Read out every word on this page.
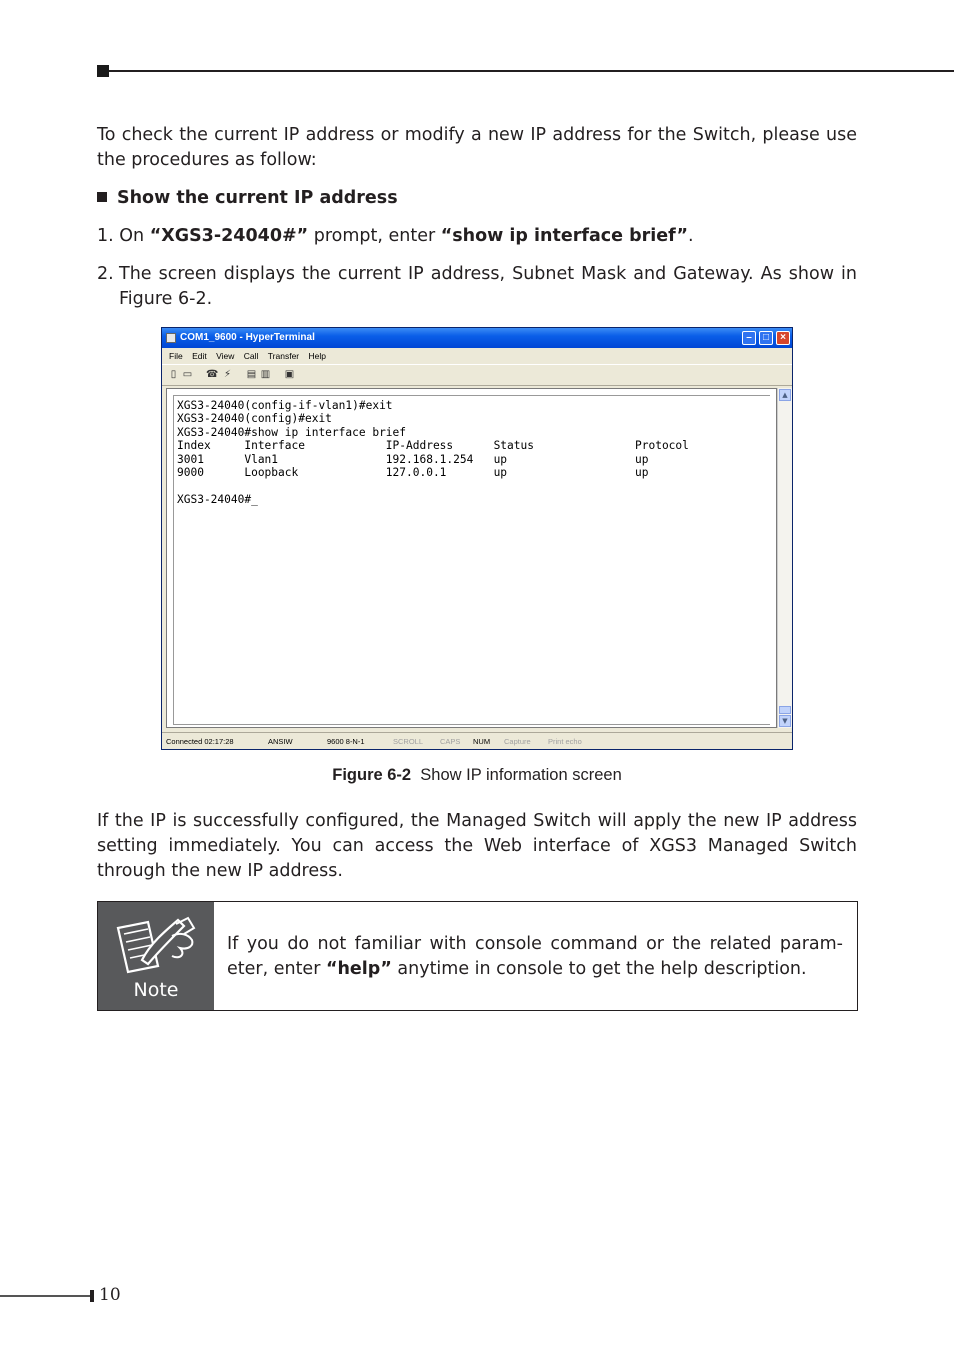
To check the current IP address or modify a new IP address for the Switch, please use the procedures as follow:

Show the current IP address
1. On “XGS3-24040#” prompt, enter “show ip interface brief”.
2. The screen displays the current IP address, Subnet Mask and Gateway. As show in Figure 6-2.
COM1_9600 - HyperTerminal	–	□	×
File Edit View Call Transfer Help
▯ ▭ ☎ ⚡ ▤ ▥ ▣
XGS3-24040(config-if-vlan1)#exit
XGS3-24040(config)#exit
XGS3-24040#show ip interface brief
Index     Interface            IP-Address      Status               Protocol
3001      Vlan1                192.168.1.254   up                   up
9000      Loopback             127.0.0.1       up                   up

XGS3-24040#_
▲
▼
Connected 02:17:28	ANSIW	9600 8-N-1	SCROLL CAPS NUM Capture Print echo
Figure 6-2 Show IP information screen

If the IP is successfully configured, the Managed Switch will apply the new IP address setting immediately. You can access the Web interface of XGS3 Managed Switch through the new IP address.

Note
If you do not familiar with console command or the related param-eter, enter “help” anytime in console to get the help description.
10
